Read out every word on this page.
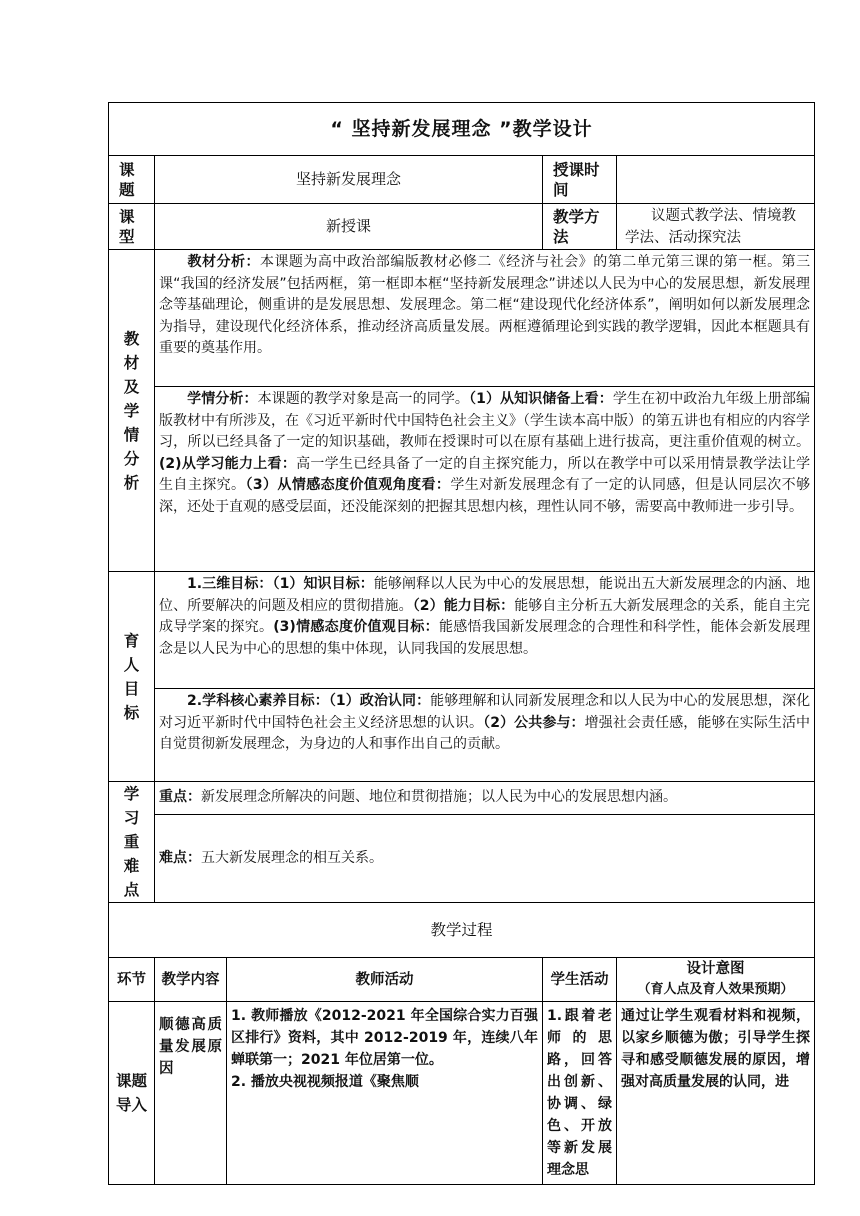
“ 坚持新发展理念 ”教学设计				
课题	坚持新发展理念		授课时间	
课型	新授课		教学方法	议题式教学法、情境教学法、活动探究法
教材及学情分析	教材分析：本课题为高中政治部编版教材必修二《经济与社会》的第二单元第三课的第一框。第三课“我国的经济发展”包括两框，第一框即本框“坚持新发展理念”讲述以人民为中心的发展思想，新发展理念等基础理论，侧重讲的是发展思想、发展理念。第二框“建设现代化经济体系”，阐明如何以新发展理念为指导，建设现代化经济体系，推动经济高质量发展。两框遵循理论到实践的教学逻辑，因此本框题具有重要的奠基作用。			
	学情分析：本课题的教学对象是高一的同学。（1）从知识储备上看：学生在初中政治九年级上册部编版教材中有所涉及，在《习近平新时代中国特色社会主义》（学生读本高中版）的第五讲也有相应的内容学习，所以已经具备了一定的知识基础，教师在授课时可以在原有基础上进行拔高，更注重价值观的树立。(2)从学习能力上看：高一学生已经具备了一定的自主探究能力，所以在教学中可以采用情景教学法让学生自主探究。（3）从情感态度价值观角度看：学生对新发展理念有了一定的认同感，但是认同层次不够深，还处于直观的感受层面，还没能深刻的把握其思想内核，理性认同不够，需要高中教师进一步引导。			
育人目标	1.三维目标：（1）知识目标：能够阐释以人民为中心的发展思想，能说出五大新发展理念的内涵、地位、所要解决的问题及相应的贯彻措施。（2）能力目标：能够自主分析五大新发展理念的关系，能自主完成导学案的探究。(3)情感态度价值观目标：能感悟我国新发展理念的合理性和科学性，能体会新发展理念是以人民为中心的思想的集中体现，认同我国的发展思想。			
	2.学科核心素养目标：（1）政治认同：能够理解和认同新发展理念和以人民为中心的发展思想，深化对习近平新时代中国特色社会主义经济思想的认识。（2）公共参与：增强社会责任感，能够在实际生活中自觉贯彻新发展理念，为身边的人和事作出自己的贡献。			
学习重难点	重点：新发展理念所解决的问题、地位和贯彻措施；以人民为中心的发展思想内涵。			
	难点：五大新发展理念的相互关系。			
教学过程				
环节	教学内容	教师活动	学生活动	设计意图
（育人点及育人效果预期）
课题导入	顺德高质量发展原因	1. 教师播放《2012-2021 年全国综合实力百强区排行》资料，其中 2012-2019 年，连续八年蝉联第一；2021 年位居第一位。
2. 播放央视视频报道《聚焦顺	1.跟着老师的思路，回答出创新、协调、绿色、开放等新发展理念思	通过让学生观看材料和视频，以家乡顺德为傲；引导学生探寻和感受顺德发展的原因，增强对高质量发展的认同，进
